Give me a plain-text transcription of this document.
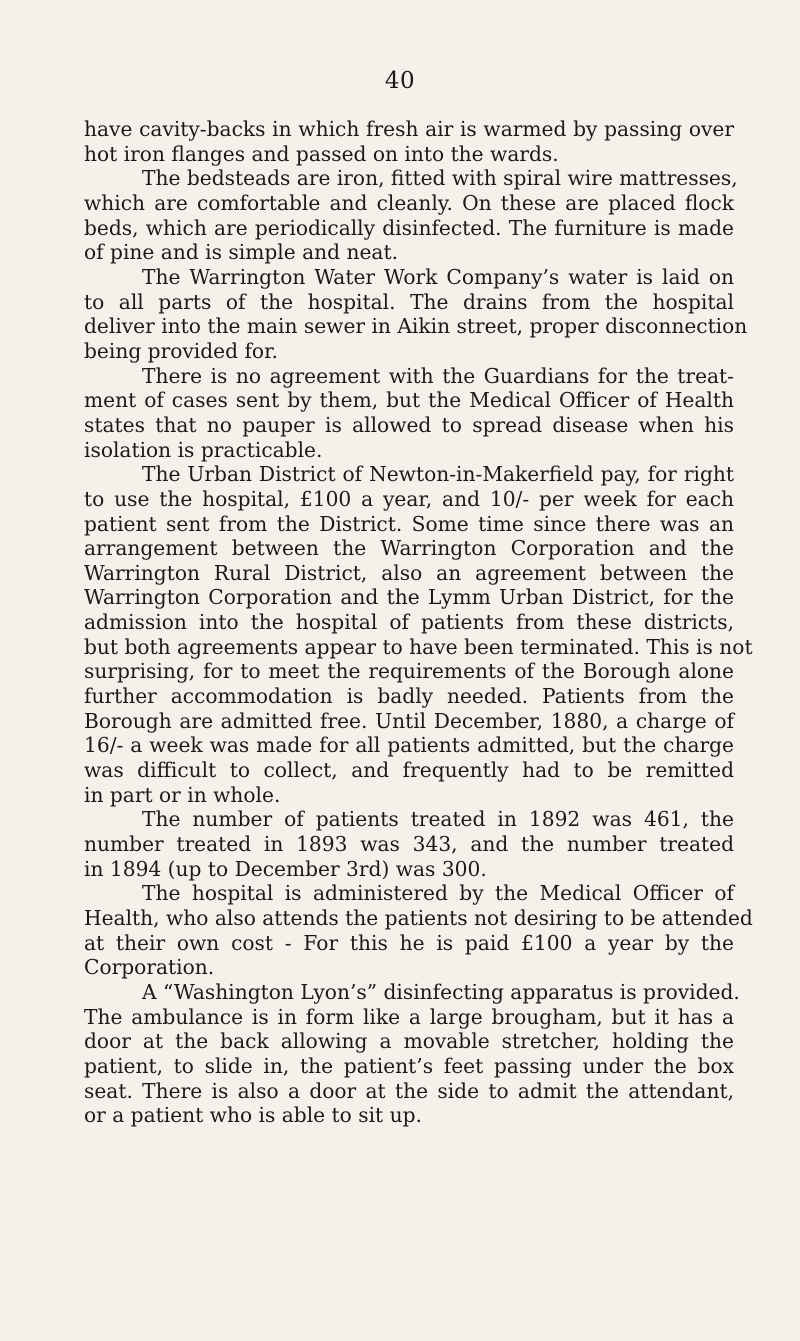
40
have cavity-backs in which fresh air is warmed by passing over
hot iron flanges and passed on into the wards.
The bedsteads are iron, fitted with spiral wire mattresses,
which are comfortable and cleanly. On these are placed flock
beds, which are periodically disinfected. The furniture is made
of pine and is simple and neat.
The Warrington Water Work Company’s water is laid on
to all parts of the hospital. The drains from the hospital
deliver into the main sewer in Aikin street, proper disconnection
being provided for.
There is no agreement with the Guardians for the treat-
ment of cases sent by them, but the Medical Officer of Health
states that no pauper is allowed to spread disease when his
isolation is practicable.
The Urban District of Newton-in-Makerfield pay, for right
to use the hospital, £100 a year, and 10/- per week for each
patient sent from the District. Some time since there was an
arrangement between the Warrington Corporation and the
Warrington Rural District, also an agreement between the
Warrington Corporation and the Lymm Urban District, for the
admission into the hospital of patients from these districts,
but both agreements appear to have been terminated. This is not
surprising, for to meet the requirements of the Borough alone
further accommodation is badly needed. Patients from the
Borough are admitted free. Until December, 1880, a charge of
16/- a week was made for all patients admitted, but the charge
was difficult to collect, and frequently had to be remitted
in part or in whole.
The number of patients treated in 1892 was 461, the
number treated in 1893 was 343, and the number treated
in 1894 (up to December 3rd) was 300.
The hospital is administered by the Medical Officer of
Health, who also attends the patients not desiring to be attended
at their own cost - For this he is paid £100 a year by the
Corporation.
A “Washington Lyon’s” disinfecting apparatus is provided.
The ambulance is in form like a large brougham, but it has a
door at the back allowing a movable stretcher, holding the
patient, to slide in, the patient’s feet passing under the box
seat. There is also a door at the side to admit the attendant,
or a patient who is able to sit up.
